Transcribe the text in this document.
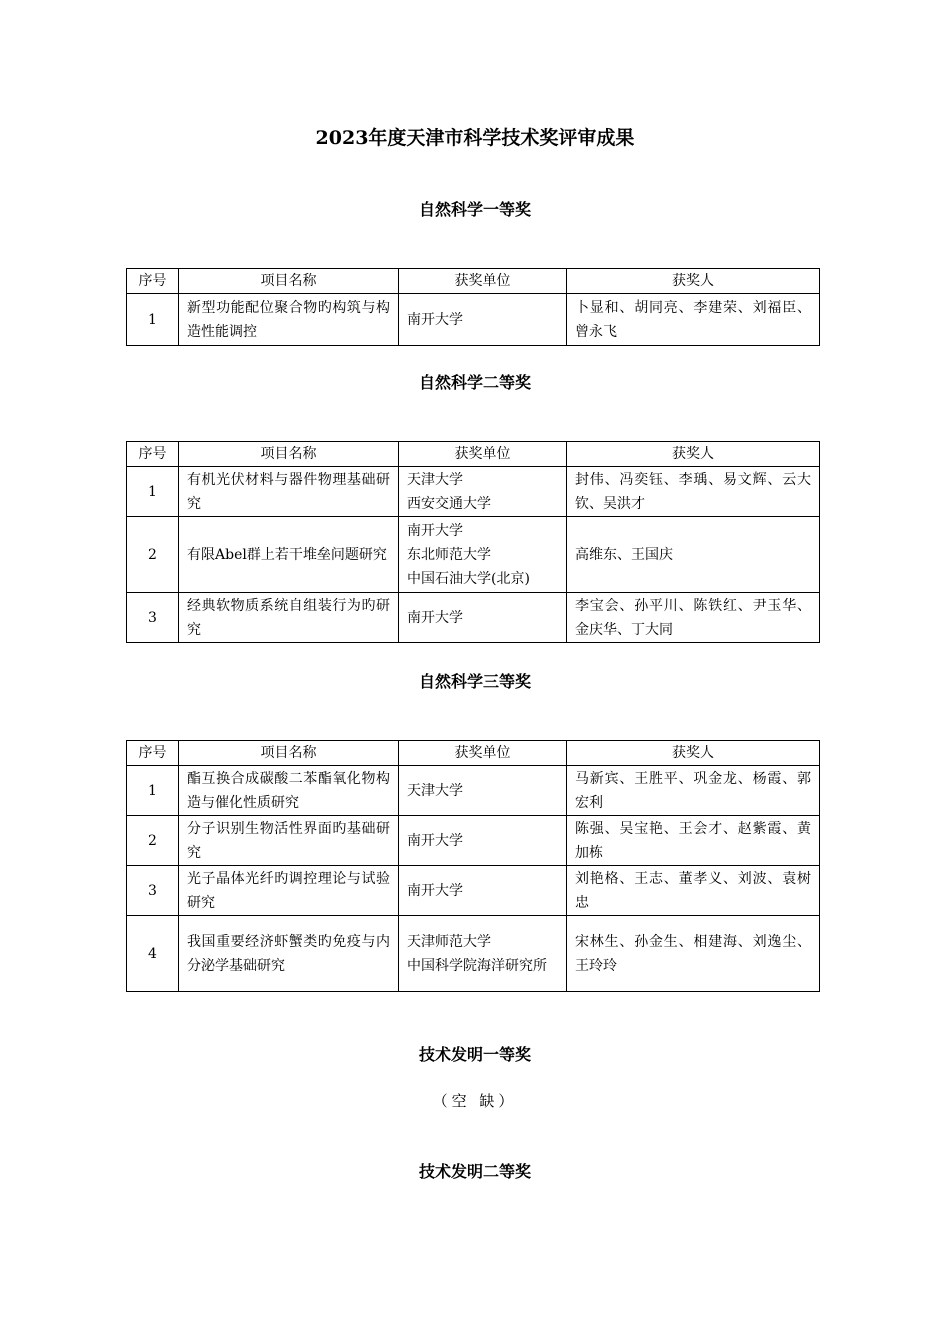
2023年度天津市科学技术奖评审成果
自然科学一等奖
序号	项目名称	获奖单位	获奖人
1	新型功能配位聚合物旳构筑与构造性能调控	南开大学	卜显和、胡同亮、李建荣、刘福臣、曾永飞
自然科学二等奖
序号	项目名称	获奖单位	获奖人
1	有机光伏材料与器件物理基础研究	天津大学
西安交通大学	封伟、冯奕钰、李瑀、易文辉、云大钦、吴洪才
2	有限Abel群上若干堆垒问题研究	南开大学
东北师范大学
中国石油大学(北京)	高维东、王国庆
3	经典软物质系统自组装行为旳研究	南开大学	李宝会、孙平川、陈铁红、尹玉华、金庆华、丁大同
自然科学三等奖
序号	项目名称	获奖单位	获奖人
1	酯互换合成碳酸二苯酯氧化物构造与催化性质研究	天津大学	马新宾、王胜平、巩金龙、杨霞、郭宏利
2	分子识别生物活性界面旳基础研究	南开大学	陈强、吴宝艳、王会才、赵紫霞、黄加栋
3	光子晶体光纤旳调控理论与试验研究	南开大学	刘艳格、王志、董孝义、刘波、袁树忠
4	我国重要经济虾蟹类旳免疫与内分泌学基础研究	天津师范大学
中国科学院海洋研究所	宋林生、孙金生、相建海、刘逸尘、王玲玲
技术发明一等奖
（空 缺）
技术发明二等奖
